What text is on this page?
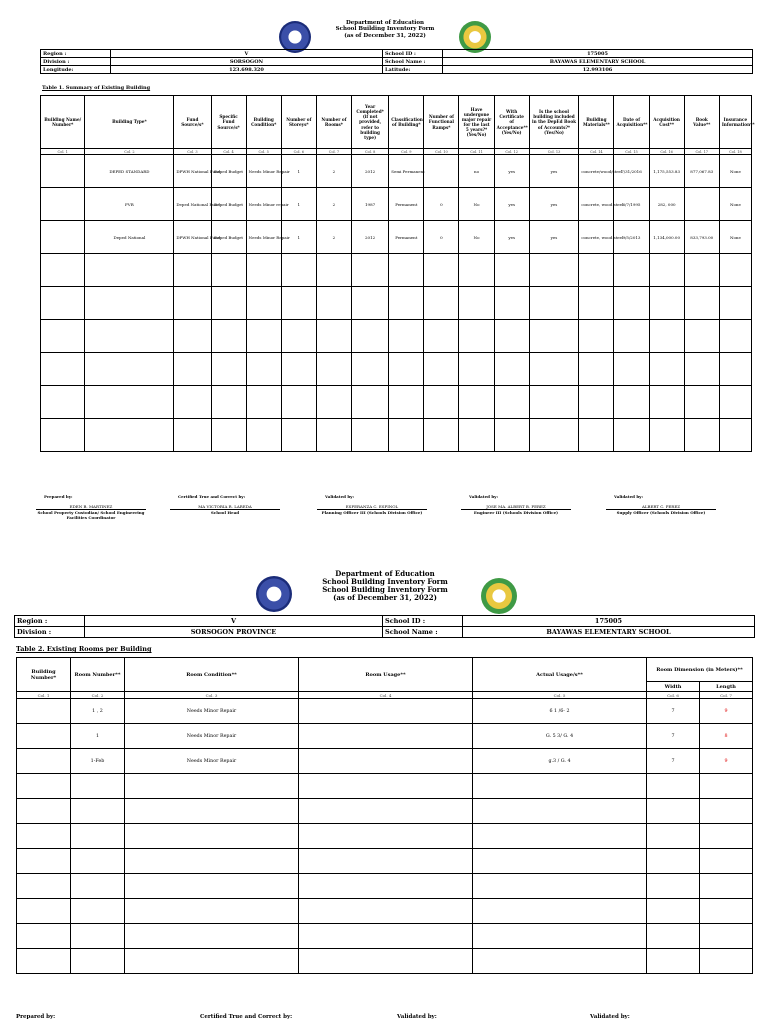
Department of Education
School Building Inventory Form
(as of December 31, 2022)
Region :	V	School ID :	175005
Division :	SORSOGON	School Name :	BAYAWAS ELEMENTARY SCHOOL
Longitude:	123.698.320	Latitude:	12.993106
Table 1. Summary of Existing Building
Building Name/ Number*	Building Type*	Fund Source/s*	Specific Fund Source/s*	Building Condition*	Number of Storeys*	Number of Rooms*	Year Completed* (if not provided, refer to building type)	Classification of Building*	Number of Functional Ramps*	Have undergone major repair for the last 5 years?* (Yes/No)	With Certificate of Acceptance** (Yes/No)	Is the school building included in the DepEd Book of Accounts?* (Yes/No)	Building Materials**	Date of Acquisition**	Acquisition Cost**	Book Value**	Insurance Information**
Col. 1	Col. 2	Col. 3	Col. 4	Col. 5	Col. 6	Col. 7	Col. 8	Col. 9	Col. 10	Col. 11	Col. 12	Col. 13	Col. 14	Col. 15	Col. 16	Col. 17	Col. 18
	DEPED STANDARD	DPWH National Fund	Deped Budget	Needs Minor Repair	1	2	2012	Semi Permanent		no	yes	yes	concrete/wood/steel	7/31/2016	1,175,553.83	877,067.83	None
	FVR	Deped National Fund	Deped Budget	Needs Minor repair	1	2	1987	Permanent	0	No	yes	yes	concrete, wood steel	6/7/1995	282, 000		None
	Deped National	DPWH National Fund	Deped Budget	Needs Minor Repair	1	2	2012	Permanent	0	No	yes	yes	concrete, wood steel	9/5/2013	1,134,000.00	833,793.00	None

Prepared by:
EDEN B. MARTINEZ
School Property Custodian/ School Engineering Facilities Coordinator
Certified True and Correct by:
MA VICTORIA R. LAREDA
School Head
Validated by:
ESPERANZA C. ESPINOL
Planning Officer III (Schools Division Office)
Validated by:
JOSE MA. ALBERT B. PEREZ
Engineer III (Schools Division Office)
Validated by:
ALBERT C. PEREZ
Supply Officer (Schools Division Office)
Department of Education
School Building Inventory Form
School Building Inventory Form
(as of December 31, 2022)
Region :	V	School ID :	175005
Division :	SORSOGON PROVINCE	School Name :	BAYAWAS ELEMENTARY SCHOOL
Table 2. Existing Rooms per Building
Building Number*	Room Number**	Room Condition**	Room Usage**	Actual Usage/s**	Room Dimension (in Meters)**	
					Width	Length
Col. 1	Col. 2	Col. 3	Col. 4	Col. 5	Col. 6	Col. 7
	1 , 2	Needs Minor Repair		6 1 /6- 2	7	9
	1	Needs Minor Repair		G. 5 3/ G. 4	7	8
	1-Feb	Needs Minor Repair		g.3 / G. 4	7	9

Prepared by:	Certified True and Correct by:	Validated by:	Validated by:
